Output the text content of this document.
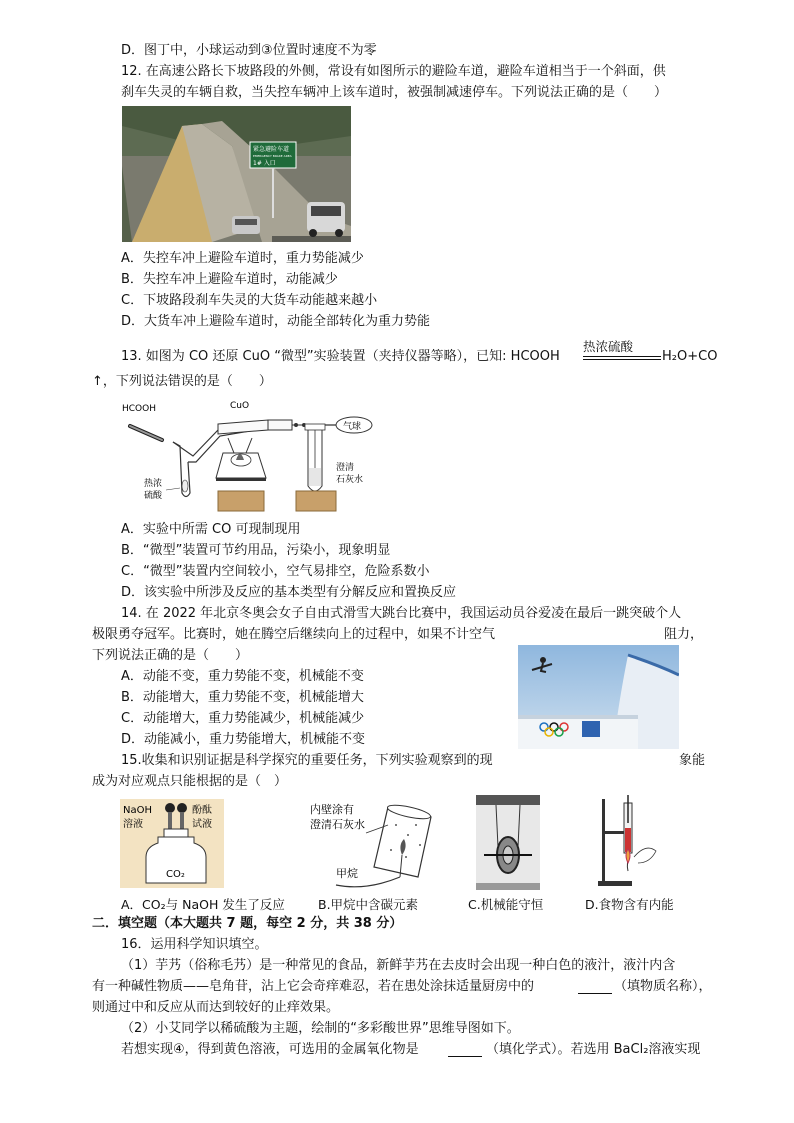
D．图丁中，小球运动到③位置时速度不为零
12. 在高速公路长下坡路段的外侧，常设有如图所示的避险车道，避险车道相当于一个斜面，供
刹车失灵的车辆自救，当失控车辆冲上该车道时，被强制减速停车。下列说法正确的是（　　）
紧急避险车道
EMERGENCY BRAKE AREA
1# 入口
A．失控车冲上避险车道时，重力势能减少
B．失控车冲上避险车道时，动能减少
C．下坡路段刹车失灵的大货车动能越来越小
D．大货车冲上避险车道时，动能全部转化为重力势能
13. 如图为 CO 还原 CuO “微型”实验装置（夹持仪器等略），已知: HCOOH
热浓硫酸
H₂O+CO
↑，下列说法错误的是（　　）
HCOOH	CuO
气球
热浓
硫酸
澄清
石灰水
A．实验中所需 CO 可现制现用
B．“微型”装置可节约用品，污染小，现象明显
C．“微型”装置内空间较小，空气易排空，危险系数小
D．该实验中所涉及反应的基本类型有分解反应和置换反应
14. 在 2022 年北京冬奥会女子自由式滑雪大跳台比赛中，我国运动员谷爱凌在最后一跳突破个人
极限勇夺冠军。比赛时，她在腾空后继续向上的过程中，如果不计空气	阻力，
下列说法正确的是（　　）
A．动能不变，重力势能不变，机械能不变
B．动能增大，重力势能不变，机械能增大
C．动能增大，重力势能减少，机械能减少
D．动能减小，重力势能增大，机械能不变
15.收集和识别证据是科学探究的重要任务，下列实验观察到的现	象能
成为对应观点只能根据的是（　）
NaOH
溶液
酚酞
试液
CO₂
内壁涂有
澄清石灰水
甲烷
A．CO₂与 NaOH 发生了反应	B.甲烷中含碳元素	C.机械能守恒	D.食物含有内能
二．填空题（本大题共 7 题，每空 2 分，共 38 分）
16．运用科学知识填空。
（1）芋艿（俗称毛艿）是一种常见的食品，新鲜芋艿在去皮时会出现一种白色的液汁，液汁内含
有一种碱性物质——皂角苷，沾上它会奇痒难忍，若在患处涂抹适量厨房中的	（填物质名称），
则通过中和反应从而达到较好的止痒效果。
（2）小艾同学以稀硫酸为主题，绘制的“多彩酸世界”思维导图如下。
若想实现④，得到黄色溶液，可选用的金属氧化物是	（填化学式）。若选用 BaCl₂溶液实现
